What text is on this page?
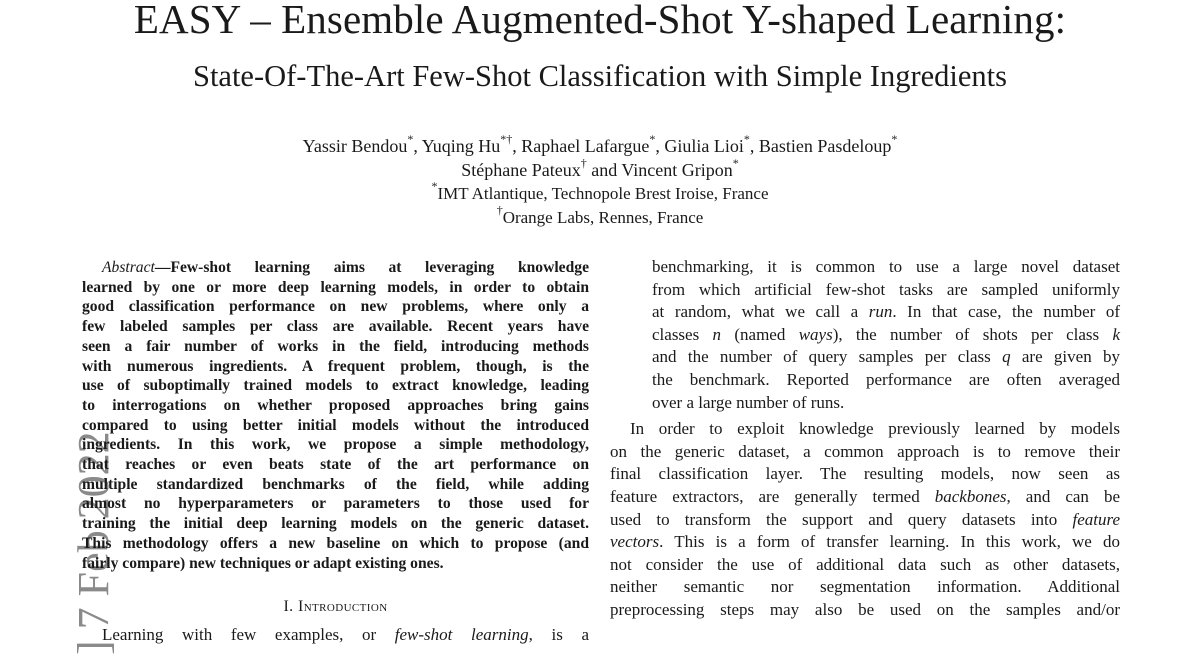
EASY – Ensemble Augmented-Shot Y-shaped Learning:
State-Of-The-Art Few-Shot Classification with Simple Ingredients
Yassir Bendou*, Yuqing Hu*†, Raphael Lafargue*, Giulia Lioi*, Bastien Pasdeloup*
Stéphane Pateux† and Vincent Gripon*
*IMT Atlantique, Technopole Brest Iroise, France
†Orange Labs, Rennes, France
] 7 Feb 2022
Abstract—Few-shot learning aims at leveraging knowledge
learned by one or more deep learning models, in order to obtain
good classification performance on new problems, where only a
few labeled samples per class are available. Recent years have
seen a fair number of works in the field, introducing methods
with numerous ingredients. A frequent problem, though, is the
use of suboptimally trained models to extract knowledge, leading
to interrogations on whether proposed approaches bring gains
compared to using better initial models without the introduced
ingredients. In this work, we propose a simple methodology,
that reaches or even beats state of the art performance on
multiple standardized benchmarks of the field, while adding
almost no hyperparameters or parameters to those used for
training the initial deep learning models on the generic dataset.
This methodology offers a new baseline on which to propose (and
fairly compare) new techniques or adapt existing ones.
I. Introduction
Learning with few examples, or few-shot learning, is a
benchmarking, it is common to use a large novel dataset
from which artificial few-shot tasks are sampled uniformly
at random, what we call a run. In that case, the number of
classes n (named ways), the number of shots per class k
and the number of query samples per class q are given by
the benchmark. Reported performance are often averaged
over a large number of runs.
In order to exploit knowledge previously learned by models
on the generic dataset, a common approach is to remove their
final classification layer. The resulting models, now seen as
feature extractors, are generally termed backbones, and can be
used to transform the support and query datasets into feature
vectors. This is a form of transfer learning. In this work, we do
not consider the use of additional data such as other datasets,
neither semantic nor segmentation information. Additional
preprocessing steps may also be used on the samples and/or
